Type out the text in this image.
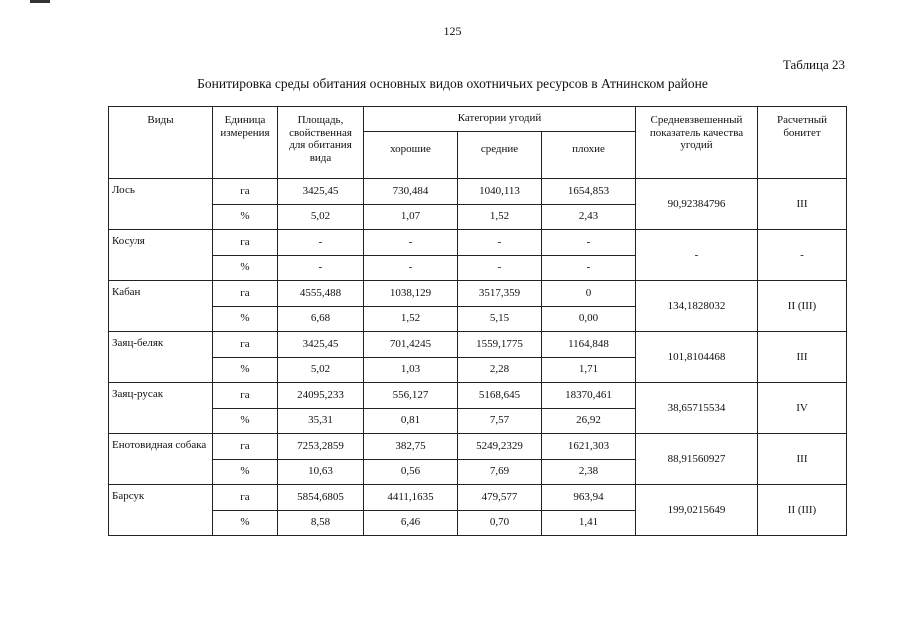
125
Таблица 23
Бонитировка среды обитания основных видов охотничьих ресурсов в Атнинском районе
Виды	Единица измерения	Площадь, свойственная для обитания вида	Категории угодий			Средневзвешенный показатель качества угодий	Расчетный бонитет
			хорошие	средние	плохие		
Лось	га	3425,45	730,484	1040,113	1654,853	90,92384796	III
	%	5,02	1,07	1,52	2,43		
Косуля	га	-	-	-	-	-	-
	%	-	-	-	-		
Кабан	га	4555,488	1038,129	3517,359	0	134,1828032	II (III)
	%	6,68	1,52	5,15	0,00		
Заяц-беляк	га	3425,45	701,4245	1559,1775	1164,848	101,8104468	III
	%	5,02	1,03	2,28	1,71		
Заяц-русак	га	24095,233	556,127	5168,645	18370,461	38,65715534	IV
	%	35,31	0,81	7,57	26,92		
Енотовидная собака	га	7253,2859	382,75	5249,2329	1621,303	88,91560927	III
	%	10,63	0,56	7,69	2,38		
Барсук	га	5854,6805	4411,1635	479,577	963,94	199,0215649	II (III)
	%	8,58	6,46	0,70	1,41		
